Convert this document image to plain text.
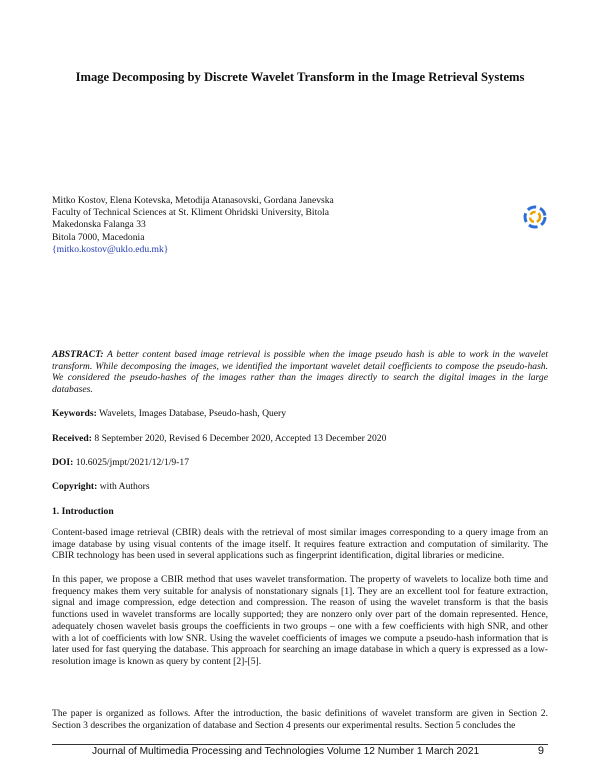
Image Decomposing by Discrete Wavelet Transform in the Image Retrieval Systems
Mitko Kostov, Elena Kotevska, Metodija Atanasovski, Gordana Janevska
Faculty of Technical Sciences at St. Kliment Ohridski University, Bitola
Makedonska Falanga 33
Bitola 7000, Macedonia
{mitko.kostov@uklo.edu.mk}
ABSTRACT: A better content based image retrieval is possible when the image pseudo hash is able to work in the wavelet transform. While decomposing the images, we identified the important wavelet detail coefficients to compose the pseudo-hash. We considered the pseudo-hashes of the images rather than the images directly to search the digital images in the large databases.
Keywords: Wavelets, Images Database, Pseudo-hash, Query
Received: 8 September 2020, Revised 6 December 2020, Accepted 13 December 2020
DOI: 10.6025/jmpt/2021/12/1/9-17
Copyright: with Authors
1. Introduction
Content-based image retrieval (CBIR) deals with the retrieval of most similar images corresponding to a query image from an image database by using visual contents of the image itself. It requires feature extraction and computation of similarity. The CBIR technology has been used in several applications such as fingerprint identification, digital libraries or medicine.
In this paper, we propose a CBIR method that uses wavelet transformation. The property of wavelets to localize both time and frequency makes them very suitable for analysis of nonstationary signals [1]. They are an excellent tool for feature extraction, signal and image compression, edge detection and compression. The reason of using the wavelet transform is that the basis functions used in wavelet transforms are locally supported; they are nonzero only over part of the domain represented. Hence, adequately chosen wavelet basis groups the coefficients in two groups – one with a few coefficients with high SNR, and other with a lot of coefficients with low SNR. Using the wavelet coefficients of images we compute a pseudo-hash information that is later used for fast querying the database. This approach for searching an image database in which a query is expressed as a low-resolution image is known as query by content [2]-[5].
The paper is organized as follows. After the introduction, the basic definitions of wavelet transform are given in Section 2. Section 3 describes the organization of database and Section 4 presents our experimental results. Section 5 concludes the
Journal of Multimedia Processing and Technologies Volume 12 Number 1 March 2021	9
